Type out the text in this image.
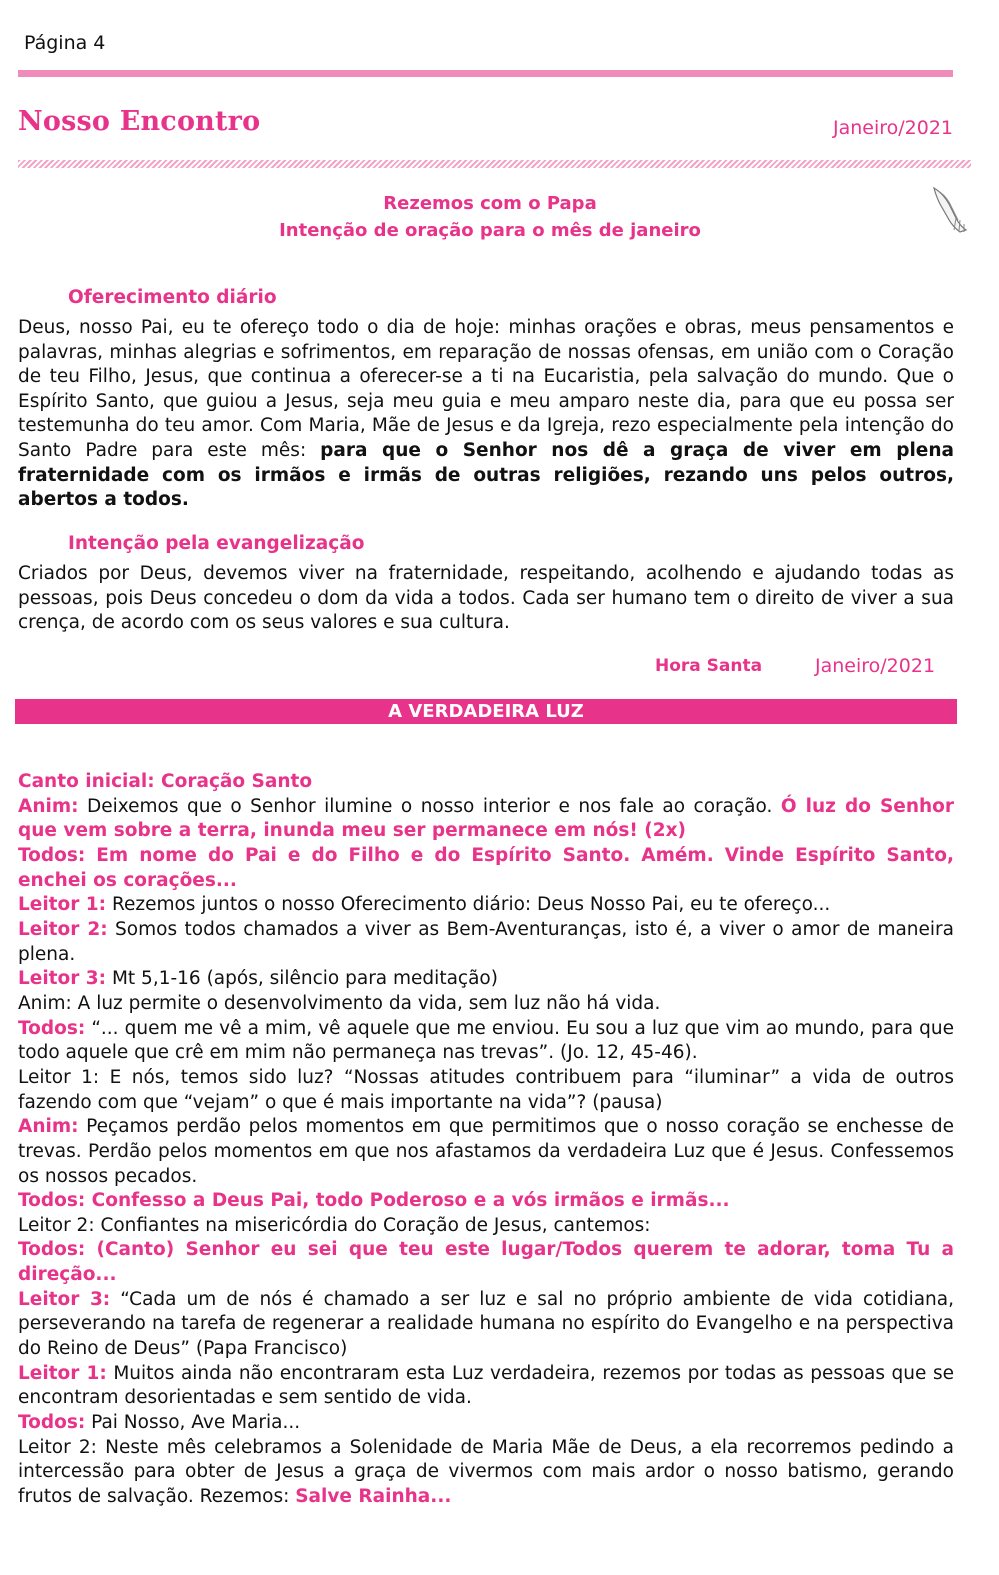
Página 4
Nosso Encontro	Janeiro/2021
Rezemos com o Papa
Intenção de oração para o mês de janeiro
Oferecimento diário
Deus, nosso Pai, eu te ofereço todo o dia de hoje: minhas orações e obras, meus pensamentos e palavras, minhas alegrias e sofrimentos, em reparação de nossas ofensas, em união com o Coração de teu Filho, Jesus, que continua a oferecer-se a ti na Eucaristia, pela salvação do mundo. Que o Espírito Santo, que guiou a Jesus, seja meu guia e meu amparo neste dia, para que eu possa ser testemunha do teu amor. Com Maria, Mãe de Jesus e da Igreja, rezo especialmente pela intenção do Santo Padre para este mês: para que o Senhor nos dê a graça de viver em plena fraternidade com os irmãos e irmãs de outras religiões, rezando uns pelos outros, abertos a todos.
Intenção pela evangelização
Criados por Deus, devemos viver na fraternidade, respeitando, acolhendo e ajudando todas as pessoas, pois Deus concedeu o dom da vida a todos. Cada ser humano tem o direito de viver a sua crença, de acordo com os seus valores e sua cultura.
Hora Santa	Janeiro/2021
A VERDADEIRA LUZ

Canto inicial: Coração Santo

Anim: Deixemos que o Senhor ilumine o nosso interior e nos fale ao coração. Ó luz do Senhor que vem sobre a terra, inunda meu ser permanece em nós! (2x)

Todos: Em nome do Pai e do Filho e do Espírito Santo. Amém. Vinde Espírito Santo, enchei os corações...

Leitor 1: Rezemos juntos o nosso Oferecimento diário: Deus Nosso Pai, eu te ofereço...

Leitor 2: Somos todos chamados a viver as Bem-Aventuranças, isto é, a viver o amor de maneira plena.

Leitor 3: Mt 5,1-16 (após, silêncio para meditação)

Anim: A luz permite o desenvolvimento da vida, sem luz não há vida.

Todos: “... quem me vê a mim, vê aquele que me enviou. Eu sou a luz que vim ao mundo, para que todo aquele que crê em mim não permaneça nas trevas”. (Jo. 12, 45-46).

Leitor 1: E nós, temos sido luz? “Nossas atitudes contribuem para “iluminar” a vida de outros fazendo com que “vejam” o que é mais importante na vida”? (pausa)

Anim: Peçamos perdão pelos momentos em que permitimos que o nosso coração se enchesse de trevas. Perdão pelos momentos em que nos afastamos da verdadeira Luz que é Jesus. Confessemos os nossos pecados.

Todos: Confesso a Deus Pai, todo Poderoso e a vós irmãos e irmãs...

Leitor 2: Confiantes na misericórdia do Coração de Jesus, cantemos:

Todos: (Canto) Senhor eu sei que teu este lugar/Todos querem te adorar, toma Tu a direção...

Leitor 3: “Cada um de nós é chamado a ser luz e sal no próprio ambiente de vida cotidiana, perseverando na tarefa de regenerar a realidade humana no espírito do Evangelho e na perspectiva do Reino de Deus” (Papa Francisco)

Leitor 1: Muitos ainda não encontraram esta Luz verdadeira, rezemos por todas as pessoas que se encontram desorientadas e sem sentido de vida.

Todos: Pai Nosso, Ave Maria...

Leitor 2: Neste mês celebramos a Solenidade de Maria Mãe de Deus, a ela recorremos pedindo a intercessão para obter de Jesus a graça de vivermos com mais ardor o nosso batismo, gerando frutos de salvação. Rezemos: Salve Rainha...
